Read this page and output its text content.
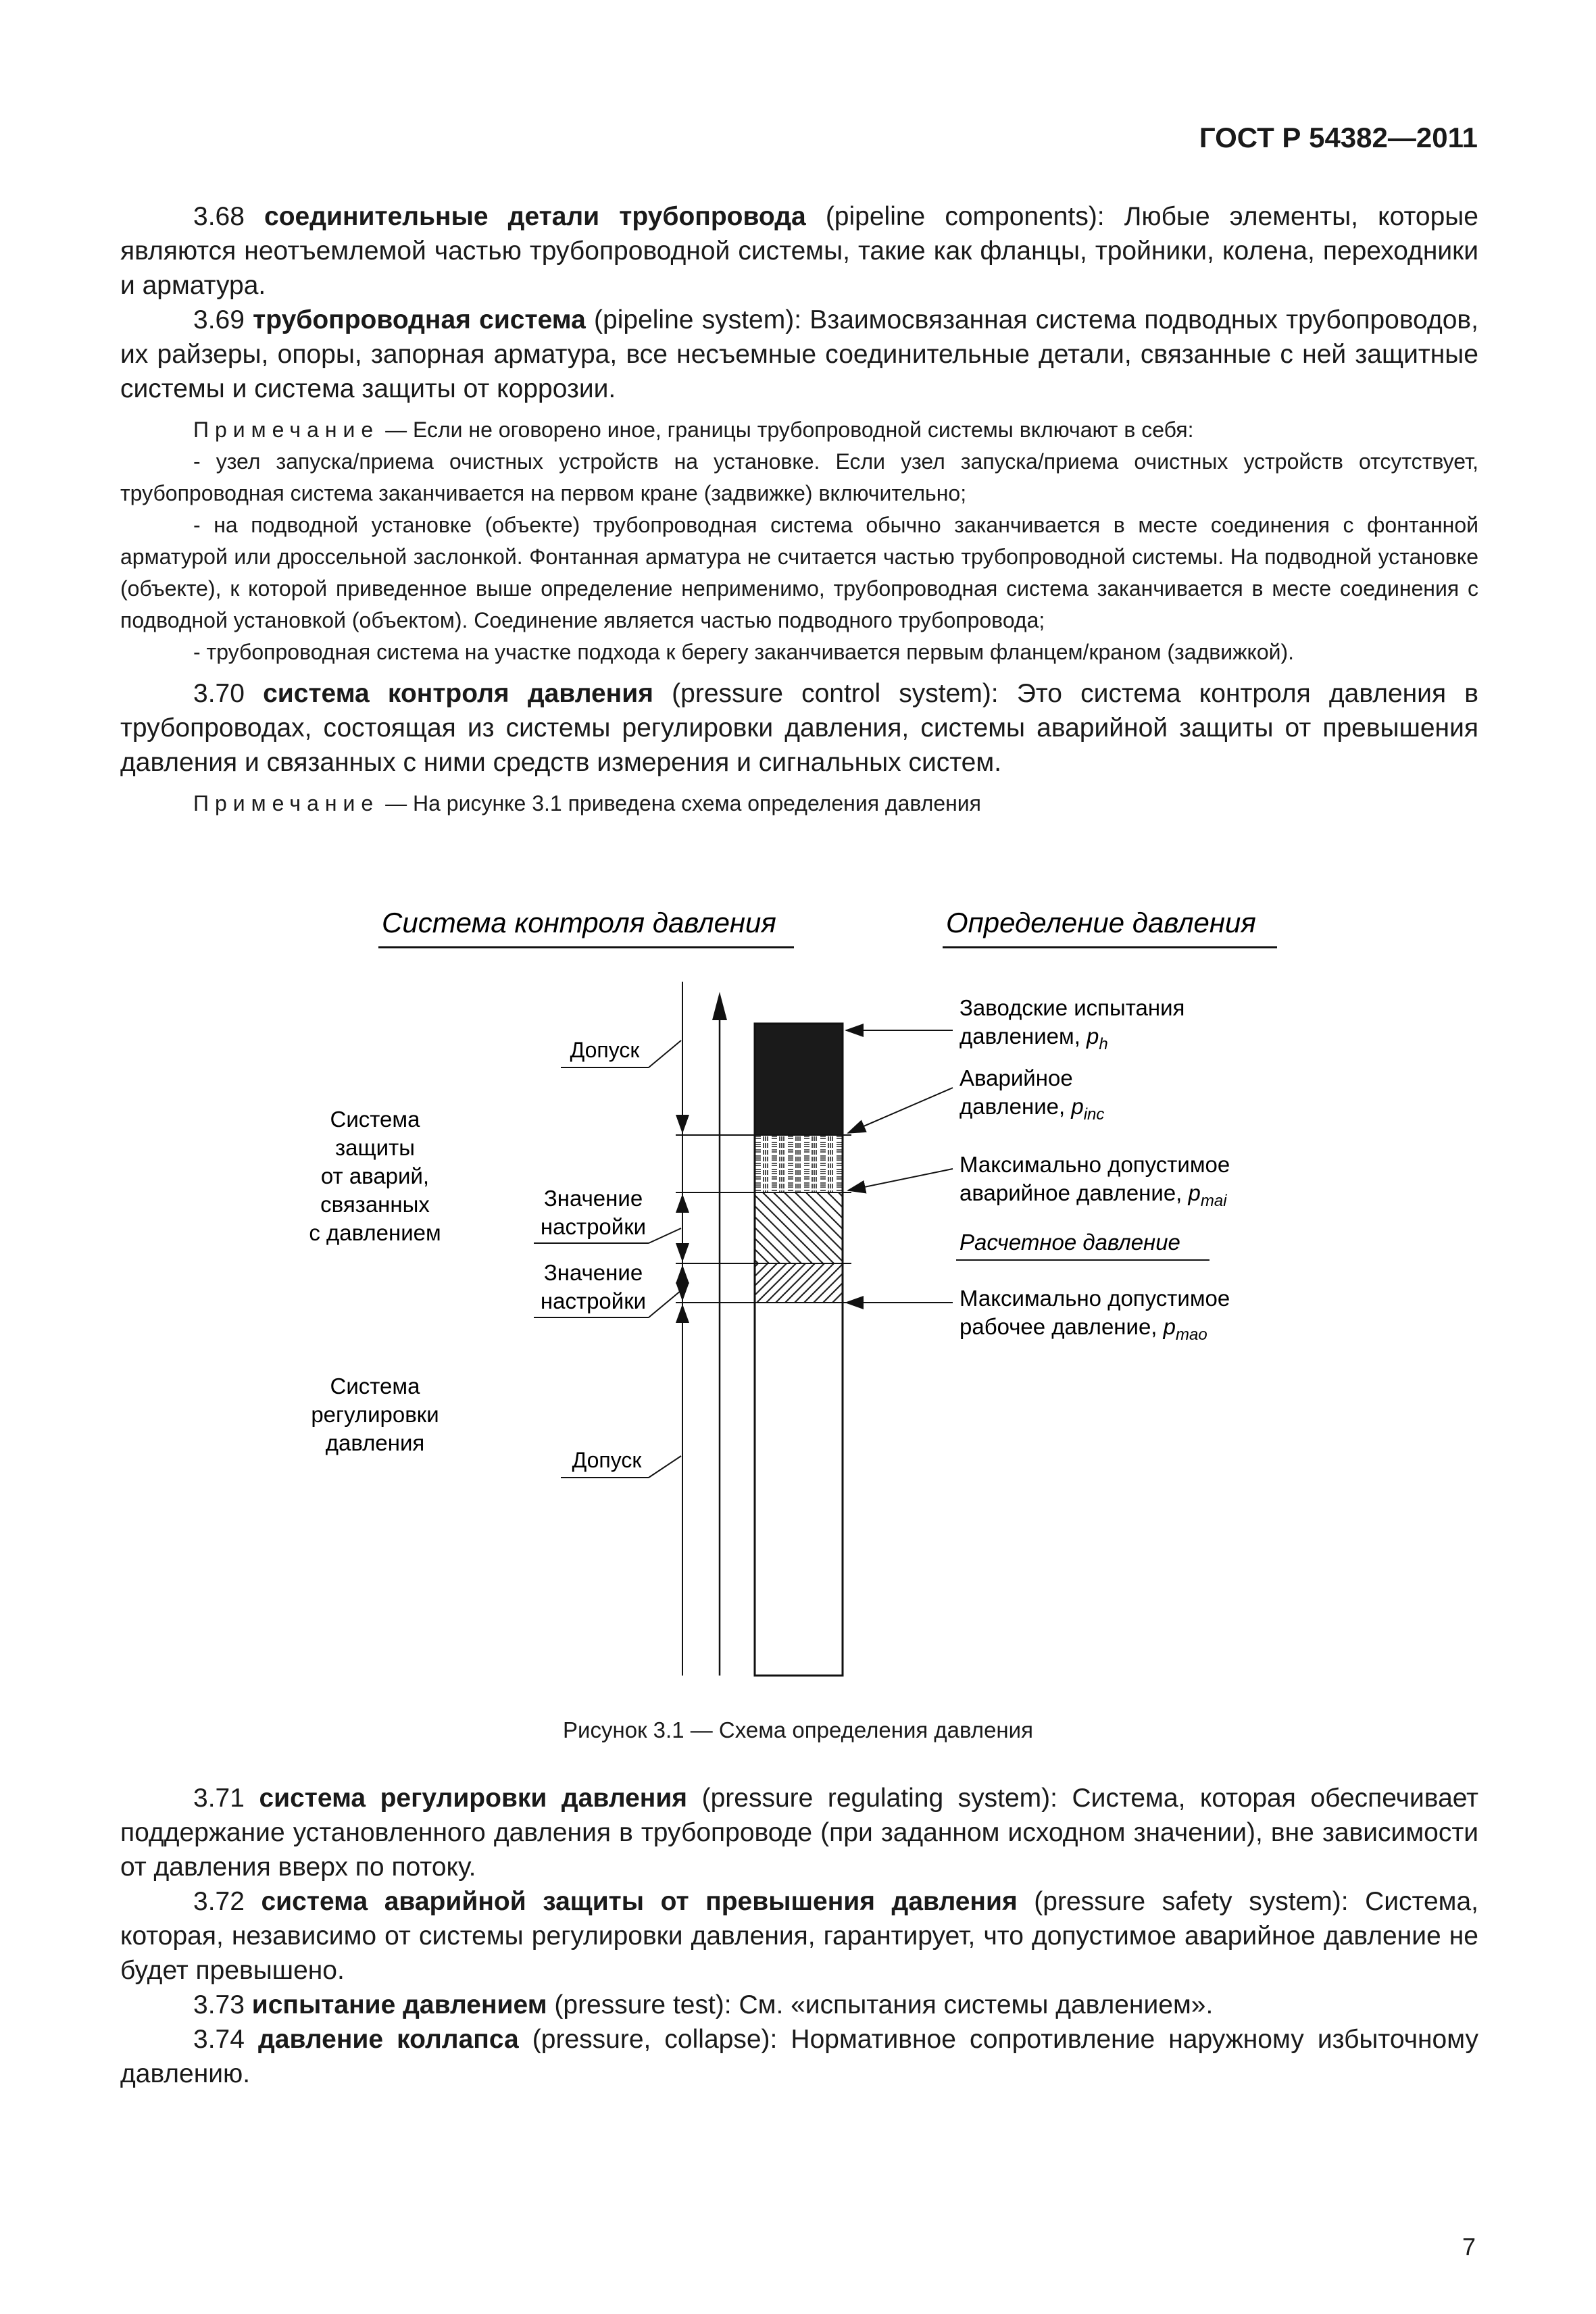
ГОСТ Р 54382—2011

3.68 соединительные детали трубопровода (pipeline components): Любые элементы, которые являются неотъемлемой частью трубопроводной системы, такие как фланцы, тройники, колена, переходники и арматура.

3.69 трубопроводная система (pipeline system): Взаимосвязанная система подводных трубопроводов, их райзеры, опоры, запорная арматура, все несъемные соединительные детали, связанные с ней защитные системы и система защиты от коррозии.

Примечание — Если не оговорено иное, границы трубопроводной системы включают в себя:

- узел запуска/приема очистных устройств на установке. Если узел запуска/приема очистных устройств отсутствует, трубопроводная система заканчивается на первом кране (задвижке) включительно;

- на подводной установке (объекте) трубопроводная система обычно заканчивается в месте соединения с фонтанной арматурой или дроссельной заслонкой. Фонтанная арматура не считается частью трубопроводной системы. На подводной установке (объекте), к которой приведенное выше определение неприменимо, трубопроводная система заканчивается в месте соединения с подводной установкой (объектом). Соединение является частью подводного трубопровода;

- трубопроводная система на участке подхода к берегу заканчивается первым фланцем/краном (задвижкой).

3.70 система контроля давления (pressure control system): Это система контроля давления в трубопроводах, состоящая из системы регулировки давления, системы аварийной защиты от превышения давления и связанных с ними средств измерения и сигнальных систем.

Примечание — На рисунке 3.1 приведена схема определения давления

Система контроля давления	Определение давления
Допуск
Система
защиты
от аварий,
связанных
с давлением
Значение
настройки
Значение
настройки
Система
регулировки
давления
Допуск
Заводские испытания
давлением, $p_h$
Аварийное
давление, $p_{inc}$
Максимально допустимое
аварийное давление, $p_{mai}$
Расчетное давление
Максимально допустимое
рабочее давление, $p_{mao}$
Рисунок 3.1 — Схема определения давления

3.71 система регулировки давления (pressure regulating system): Система, которая обеспечивает поддержание установленного давления в трубопроводе (при заданном исходном значении), вне зависимости от давления вверх по потоку.

3.72 система аварийной защиты от превышения давления (pressure safety system): Система, которая, независимо от системы регулировки давления, гарантирует, что допустимое аварийное давление не будет превышено.

3.73 испытание давлением (pressure test): См. «испытания системы давлением».

3.74 давление коллапса (pressure, collapse): Нормативное сопротивление наружному избыточному давлению.

7
